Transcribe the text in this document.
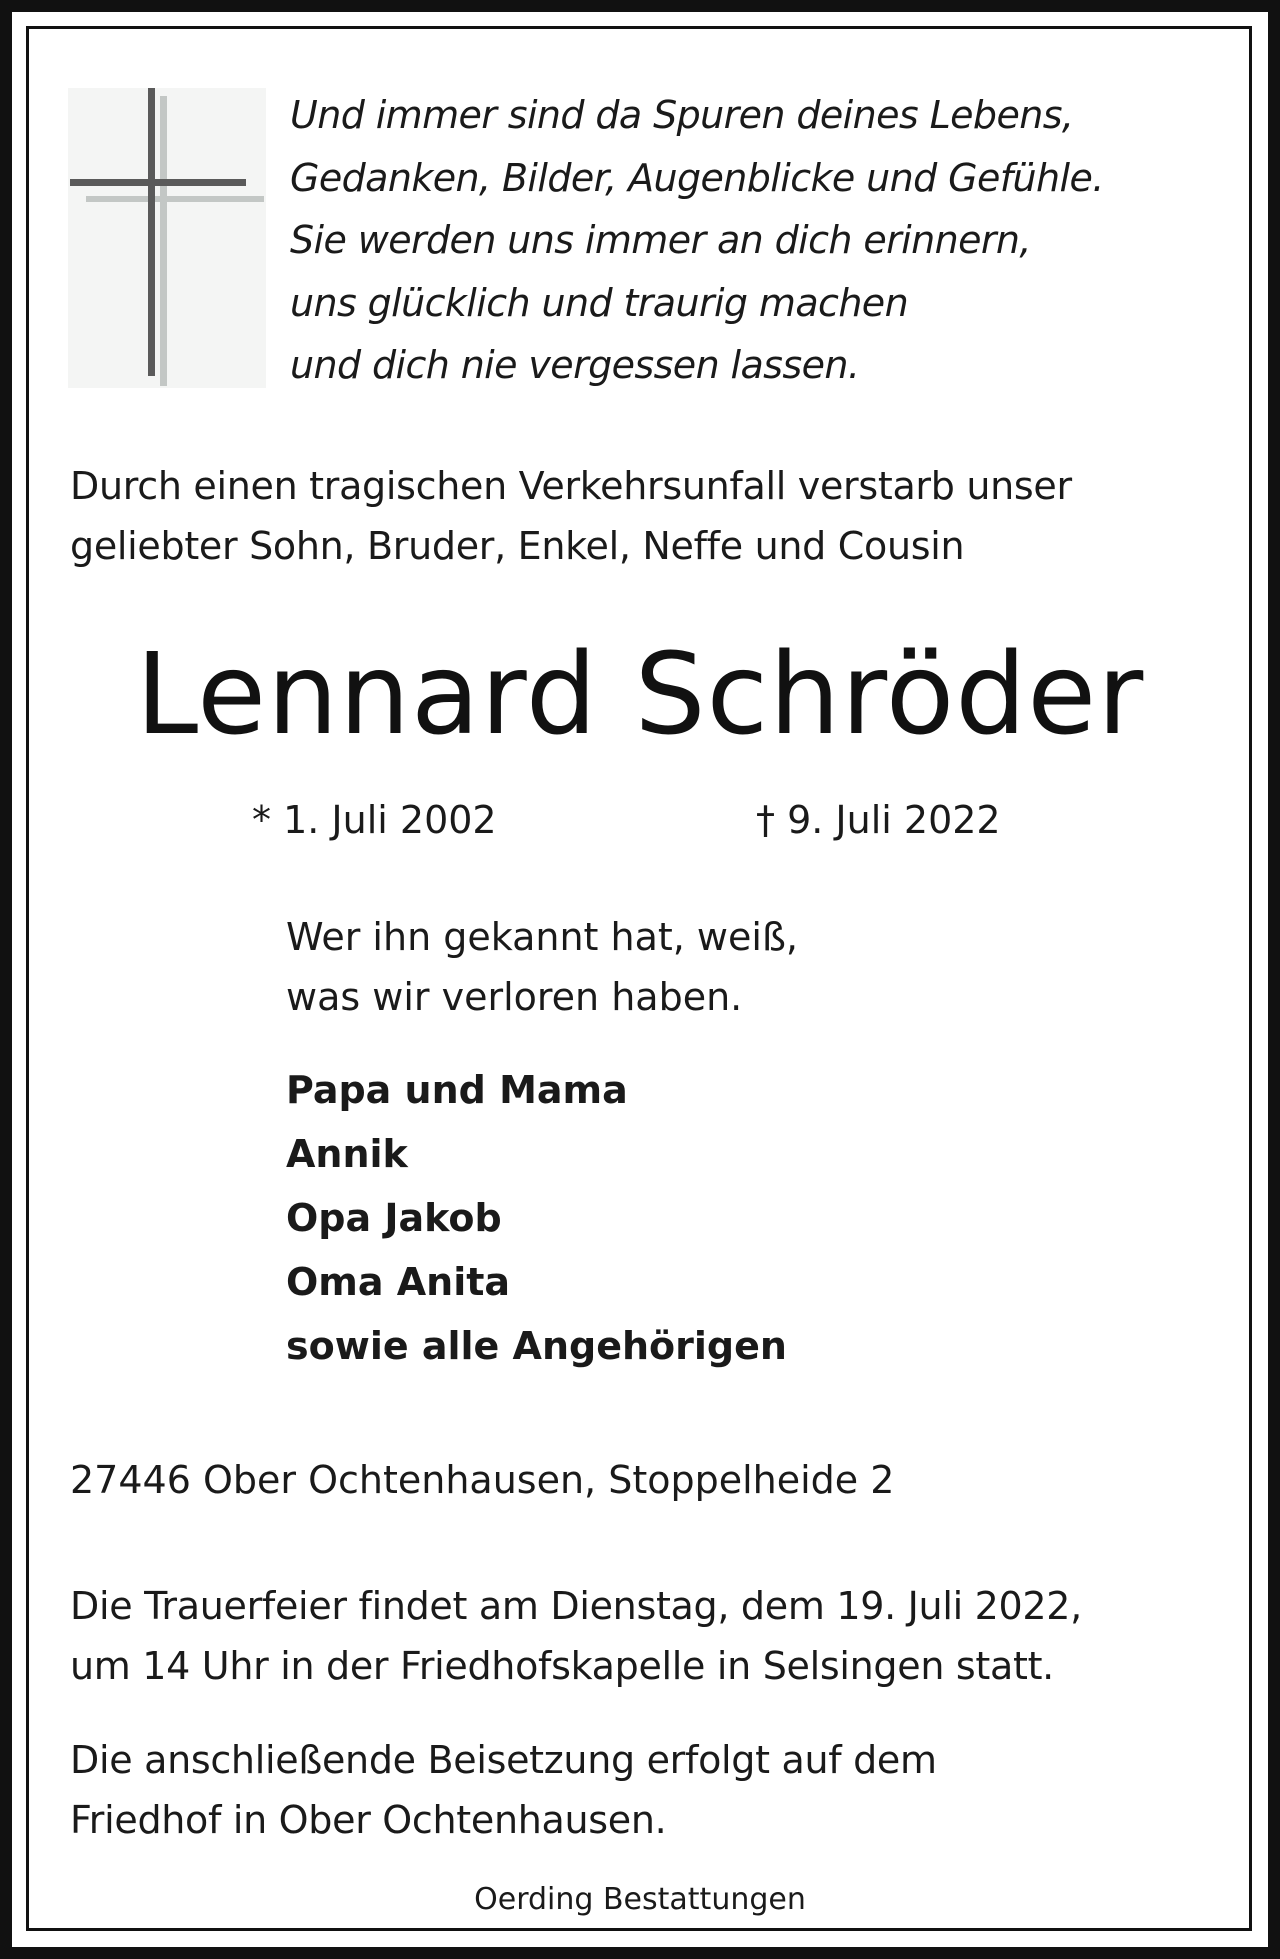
Und immer sind da Spuren deines Lebens,
Gedanken, Bilder, Augenblicke und Gefühle.
Sie werden uns immer an dich erinnern,
uns glücklich und traurig machen
und dich nie vergessen lassen.
Durch einen tragischen Verkehrsunfall verstarb unser
geliebter Sohn, Bruder, Enkel, Neffe und Cousin
Lennard Schröder
* 1. Juli 2002	† 9. Juli 2022
Wer ihn gekannt hat, weiß,
was wir verloren haben.
Papa und Mama
Annik
Opa Jakob
Oma Anita
sowie alle Angehörigen
27446 Ober Ochtenhausen, Stoppelheide 2
Die Trauerfeier findet am Dienstag, dem 19. Juli 2022,
um 14 Uhr in der Friedhofskapelle in Selsingen statt.
Die anschließende Beisetzung erfolgt auf dem
Friedhof in Ober Ochtenhausen.
Oerding Bestattungen
